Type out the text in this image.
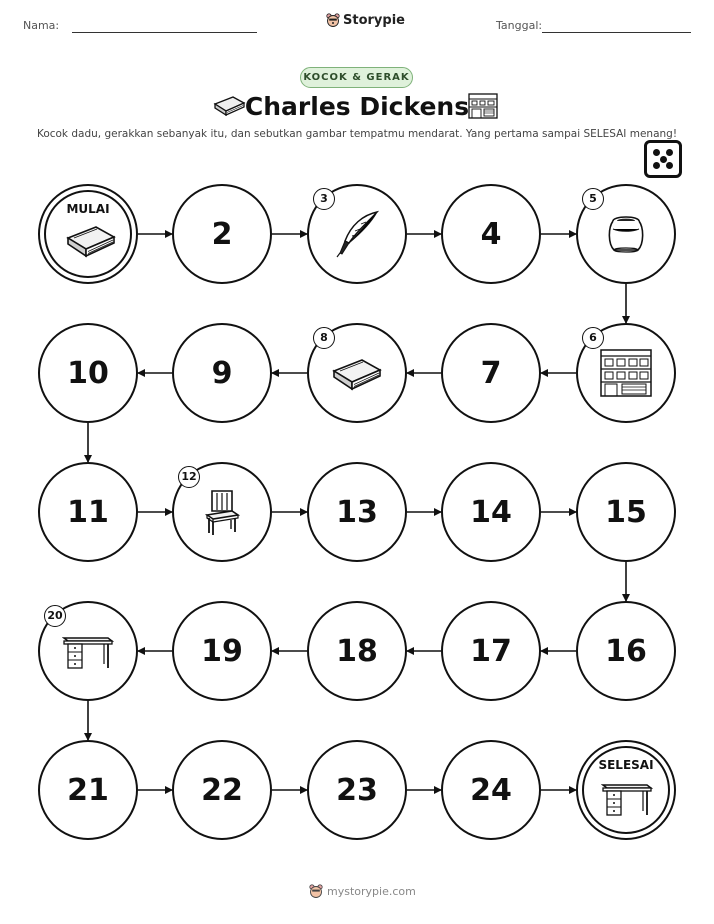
Nama:	Storypie	Tanggal:
KOCOK & GERAK
Charles Dickens
Kocok dadu, gerakkan sebanyak itu, dan sebutkan gambar tempatmu mendarat. Yang pertama sampai SELESAI menang!
MULAI
2
3
4
5
6
7
8
9
10
11
12
13	14	15
16
17
18
19
20
21	22	23	24
SELESAI
mystorypie.com
